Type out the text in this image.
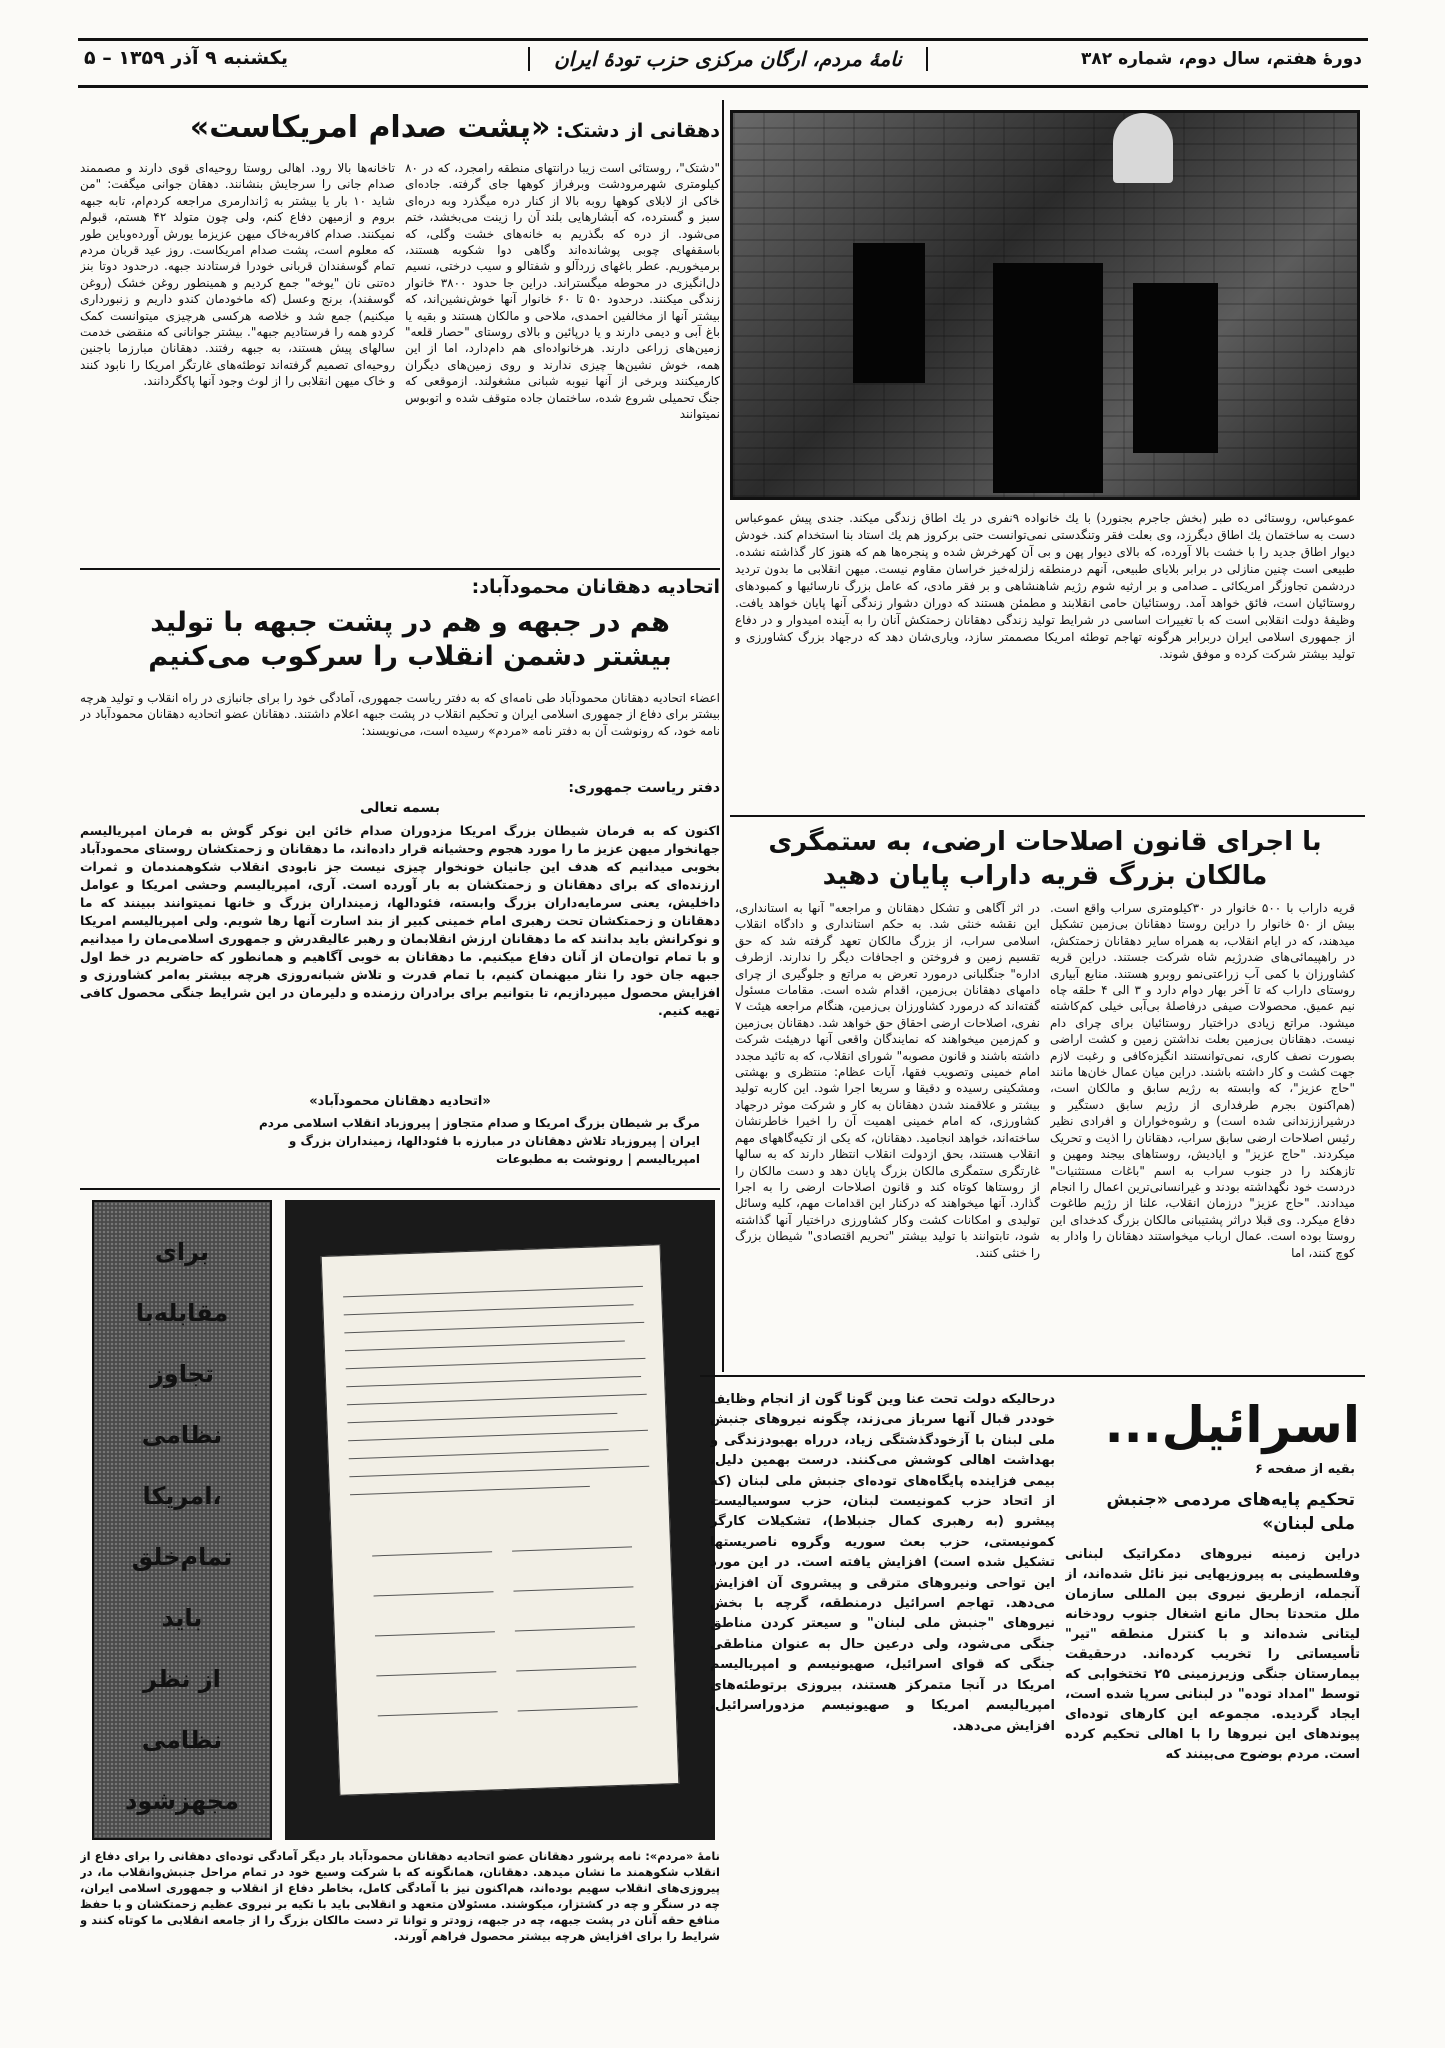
دورهٔ هفتم، سال دوم، شماره ۳۸۲
نامهٔ مردم، ارگان مرکزی حزب تودهٔ ایران
یکشنبه ۹ آذر ۱۳۵۹ – ۵
عموعباس، روستائی ده طبر (بخش جاجرم بجنورد) با یك خانواده ۹نفری در یك اطاق زندگی میکند. جندی پیش عموعباس دست به ساختمان یك اطاق دیگرزد، وی بعلت فقر وتنگدستی نمی‌توانست حتی برکروز هم یك استاد بنا استخدام کند. خودش دیوار اطاق جدید را با خشت بالا آورده، که بالای دیوار پهن و بی آن کهرخرش شده و پنجره‌ها هم که هنوز کار گذاشته نشده. طبیعی است چنین منازلی در برابر بلایای طبیعی، آنهم درمنطقه زلزله‌خیز خراسان مقاوم نیست. میهن انقلابی ما بدون تردید دردشمن تجاوزگر امریکائی ـ صدامی و بر ارثیه شوم رژیم شاهنشاهی و بر فقر مادی، که عامل بزرگ نارسائیها و کمبودهای روستائیان است، فائق خواهد آمد. روستائیان حامی انقلابند و مطمئن هستند که دوران دشوار زندگی آنها پایان خواهد یافت. وظیفهٔ دولت انقلابی است که با تغییرات اساسی در شرایط تولید زندگی دهقانان زحمتکش آنان را به آینده امیدوار و در دفاع از جمهوری اسلامی ایران دربرابر هرگونه تهاجم توطئه امریکا مصممتر سازد، ویاری‌شان دهد که درجهاد بزرگ کشاورزی و تولید بیشتر شرکت کرده و موفق شوند.
دهقانی از دشتک: «پشت صدام امریکاست»
"دشتک"، روستائی است زیبا درانتهای منطقه رامجرد، که در ۸۰ کیلومتری شهرمرودشت وبرفراز کوهها جای گرفته. جاده‌ای خاکی از لابلای کوهها روبه بالا از کنار دره میگذرد وبه دره‌ای سبز و گسترده، که آبشارهایی بلند آن را زینت می‌بخشد، ختم می‌شود. از دره که بگذریم به خانه‌های خشت وگلی، که باسقفهای چوبی پوشانده‌اند وگاهی دوا شکوبه هستند، برمیخوریم. عطر باغهای زردآلو و شفتالو و سیب درختی، نسیم دل‌انگیزی در محوطه میگستراند. دراین جا حدود ۳۸۰۰ خانوار زندگی میکنند. درحدود ۵۰ تا ۶۰ خانوار آنها خوش‌نشین‌اند، که بیشتر آنها از مخالفین احمدی، ملاحی و مالکان هستند و بقیه یا باغ آبی و دیمی دارند و یا درپائین و بالای روستای "حصار قلعه" زمین‌های زراعی دارند. هرخانواده‌ای هم دام‌دارد، اما از این همه، خوش نشین‌ها چیزی ندارند و روی زمین‌های دیگران کارمیکنند وبرخی از آنها نیوبه شبانی مشغولند. ازموقعی که جنگ تحمیلی شروع شده، ساختمان جاده متوقف شده و اتوبوس نمیتوانند
تاخانه‌ها بالا رود. اهالی روستا روحیه‌ای قوی دارند و مصممند صدام جانی را سرجایش بنشانند. دهقان جوانی میگفت: "من شاید ۱۰ بار یا بیشتر به ژاندارمری مراجعه کردم‌ام، تابه جبهه بروم و ازمیهن دفاع کنم، ولی چون متولد ۴۲ هستم، قبولم نمیکنند. صدام کافربه‌خاک میهن عزیزما یورش آورده‌وباین طور که معلوم است، پشت صدام امریکاست. روز عید قربان مردم تمام گوسفندان قربانی خودرا فرستادند جبهه. درحدود دوتا بنز ده‌تنی نان "یوخه" جمع کردیم و همینطور روغن خشک (روغن گوسفند)، برنج وعسل (که ماخودمان کندو داریم و زنبورداری میکنیم) جمع شد و خلاصه هرکسی هرچیزی میتوانست کمک کردو همه را فرستادیم جبهه". بیشتر جوانانی که منقضی خدمت سالهای پیش هستند، به جبهه رفتند. دهقانان مبارزما باجنین روحیه‌ای تصمیم گرفته‌اند توطئه‌های غارتگر امریکا را نابود کنند و خاک میهن انقلابی را از لوث وجود آنها پاکگردانند.
اتحادیه دهقانان محمودآباد:
هم در جبهه و هم در پشت جبهه با تولید بیشتر دشمن انقلاب را سرکوب می‌کنیم
اعضاء اتحادیه دهقانان محمودآباد طی نامه‌ای که به دفتر ریاست جمهوری، آمادگی خود را برای جانبازی در راه انقلاب و تولید هرچه بیشتر برای دفاع از جمهوری اسلامی ایران و تحکیم انقلاب در پشت جبهه اعلام داشتند. دهقانان عضو اتحادیه دهقانان محمودآباد در نامه خود، که رونوشت آن به دفتر نامه «مردم» رسیده است، می‌نویسند:
دفتر ریاست جمهوری:
بسمه تعالی
اکنون که به فرمان شیطان بزرگ امریکا مزدوران صدام خائن این نوکر گوش به فرمان امپریالیسم جهانخوار میهن عزیز ما را مورد هجوم وحشیانه قرار داده‌اند، ما دهقانان و زحمتکشان روستای محمودآباد بخوبی میدانیم که هدف این جانیان خونخوار چیزی نیست جز نابودی انقلاب شکوهمندمان و ثمرات ارزنده‌ای که برای دهقانان و زحمتکشان به بار آورده است. آری، امپریالیسم وحشی امریکا و عوامل داخلیش، یعنی سرمایه‌داران بزرگ وابسته، فئودالها، زمینداران بزرگ و خانها نمیتوانند ببینند که ما دهقانان و زحمتکشان تحت رهبری امام خمینی کبیر از بند اسارت آنها رها شویم. ولی امپریالیسم امریکا و نوکرانش باید بدانند که ما دهقانان ارزش انقلابمان و رهبر عالیقدرش و جمهوری اسلامی‌مان را میدانیم و با تمام توان‌مان از آنان دفاع میکنیم. ما دهقانان به خوبی آگاهیم و همانطور که حاضریم در خط اول جبهه جان خود را نثار میهنمان کنیم، با تمام قدرت و تلاش شبانه‌روزی هرچه بیشتر به‌امر کشاورزی و افزایش محصول میپردازیم، تا بتوانیم برای برادران رزمنده و دلیرمان در این شرایط جنگی محصول کافی تهیه کنیم.
«اتحادیه دهقانان محمودآباد»
مرگ بر شیطان بزرگ امریکا و صدام متجاوز | پیروزباد انقلاب اسلامی مردم ایران | پیروزباد تلاش دهقانان در مبارزه با فئودالها، زمینداران بزرگ و امپریالیسم | رونوشت به مطبوعات
برای
مقابله‌با
تجاوز
نظامی
امریکا،
تمام‌خلق
باید
از نظر
نظامی
مجهزشود
نامهٔ «مردم»: نامه پرشور دهقانان عضو اتحادیه دهقانان محمودآباد بار دیگر آمادگی توده‌ای دهقانی را برای دفاع از انقلاب شکوهمند ما نشان میدهد. دهقانان، همانگونه که با شرکت وسیع خود در تمام مراحل جنبش‌وانقلاب ما، در پیروزی‌های انقلاب سهیم بوده‌اند، هم‌اکنون نیز با آمادگی کامل، بخاطر دفاع از انقلاب و جمهوری اسلامی ایران، چه در سنگر و چه در کشتزار، میکوشند. مسئولان متعهد و انقلابی باید با تکیه بر نیروی عظیم زحمتکشان و با حفظ منافع حقه آنان در پشت جبهه، چه در جبهه، زودتر و توانا تر دست مالکان بزرگ را از جامعه انقلابی ما کوتاه کنند و شرایط را برای افزایش هرچه بیشتر محصول فراهم آورند.
با اجرای قانون اصلاحات ارضی، به ستمگری مالکان بزرگ قریه داراب پایان دهید
قریه داراب با ۵۰۰ خانوار در ۳۰کیلومتری سراب واقع است. بیش از ۵۰ خانوار را دراین روستا دهقانان بی‌زمین تشکیل میدهند، که در ایام انقلاب، به همراه سایر دهقانان زحمتکش، در راهپیمائی‌های ضدرژیم شاه شرکت جستند. دراین قریه کشاورزان با کمی آب زراعتی‌نمو روبرو هستند. منابع آبیاری روستای داراب که تا آخر بهار دوام دارد و ۳ الی ۴ حلقه چاه نیم عمیق. محصولات صیفی درفاصلهٔ بی‌آبی خیلی کم‌کاشته میشود. مراتع زیادی دراختیار روستائیان برای چرای دام نیست. دهقانان بی‌زمین بعلت نداشتن زمین و کشت اراضی بصورت نصف کاری، نمی‌توانستند انگیزه‌کافی و رغبت لازم جهت کشت و کار داشته باشند. دراین میان عمال خان‌ها مانند "حاج عزیز"، که وابسته به رژیم سابق و مالکان است، (هم‌اکنون بجرم طرفداری از رژیم سابق دستگیر و درشیراززندانی شده است) و رشوه‌خواران و افرادی نظیر رئیس اصلاحات ارضی سابق سراب، دهقانان را اذیت و تحریک میکردند. "حاج عزیز" و ایادیش، روستاهای بیجند ومهین و تازهکند را در جنوب سراب به اسم "باغات مستثنیات" دردست خود نگهداشته بودند و غیرانسانی‌ترین اعمال را انجام میدادند. "حاج عزیز" درزمان انقلاب، علنا از رژیم طاغوت دفاع میکرد. وی قبلا دراثر پشتیبانی مالکان بزرگ کدخدای این روستا بوده است. عمال ارباب میخواستند دهقانان را وادار به کوچ کنند، اما
در اثر آگاهی و تشکل دهقانان و مراجعه" آنها به استانداری، این نقشه خنثی شد. به حکم استانداری و دادگاه انقلاب اسلامی سراب، از بزرگ مالکان تعهد گرفته شد که حق تقسیم زمین و فروختن و اجحافات دیگر را ندارند. ازطرف اداره" جنگلبانی درمورد تعرض به مراتع و جلوگیری از چرای دامهای دهقانان بی‌زمین، اقدام شده است. مقامات مسئول گفته‌اند که درمورد کشاورزان بی‌زمین، هنگام مراجعه هیئت ۷ نفری، اصلاحات ارضی احقاق حق خواهد شد. دهقانان بی‌زمین و کم‌زمین میخواهند که نمایندگان واقعی آنها درهیئت شرکت داشته باشند و قانون مصوبه" شورای انقلاب، که به تائید مجدد امام خمینی وتصویب فقها، آیات عظام: منتظری و بهشتی ومشکینی رسیده و دقیقا و سریعا اجرا شود. این کاربه تولید بیشتر و علاقمند شدن دهقانان به کار و شرکت موثر درجهاد کشاورزی، که امام خمینی اهمیت آن را اخیرا خاطرنشان ساخته‌اند، خواهد انجامید. دهقانان، که یکی از تکیه‌گاههای مهم انقلاب هستند، بحق ازدولت انقلاب انتظار دارند که به سالها غارتگری ستمگری مالکان بزرگ پایان دهد و دست مالکان را از روستاها کوتاه کند و قانون اصلاحات ارضی را به اجرا گذارد. آنها میخواهند که درکنار این اقدامات مهم، کلیه وسائل تولیدی و امکانات کشت وکار کشاورزی دراختیار آنها گذاشته شود، تابتوانند با تولید بیشتر "تحریم اقتصادی" شیطان بزرگ را خنثی کنند.
اسرائیل...
بقیه از صفحه ۶
تحکیم پایه‌های مردمی «جنبش ملی لبنان»
دراین زمینه نیروهای دمکراتیک لبنانی وفلسطینی به پیروزیهایی نیز نائل شده‌اند، از آنجمله، ازطریق نیروی بین المللی سازمان ملل متحدتا بحال مانع اشغال جنوب رودخانه لیتانی شده‌اند و با کنترل منطقه "تیر" تأسیساتی را تخریب کرده‌اند. درحقیقت بیمارستان جنگی وزیرزمینی ۲۵ تختخوابی که توسط "امداد توده" در لبنانی سرپا شده است، ایجاد گردیده. مجموعه این کارهای توده‌ای پیوندهای این نیروها را با اهالی تحکیم کرده است. مردم بوضوح می‌بینند که
درحالیکه دولت تحت عنا وین گونا گون از انجام وظایف خوددر قبال آنها سرباز می‌زند، چگونه نیروهای جنبش ملی لبنان با آزخودگذشتگی زیاد، درراه بهبودزندگی و بهداشت اهالی کوشش می‌کنند. درست بهمین دلیل، بیمی فزاینده پایگاه‌های توده‌ای جنبش ملی لبنان (که از اتحاد حزب کمونیست لبنان، حزب سوسیالیست پیشرو (به رهبری کمال جنبلاط)، تشکیلات کارگر کمونیستی، حزب بعث سوریه وگروه ناصریستها تشکیل شده است) افزایش یافته است. در این مورد این تواحی ونیروهای مترقی و پیشروی آن افزایش می‌دهد. تهاجم اسرائیل درمنطقه، گرچه با بخش نیروهای "جنبش ملی لبنان" و سیعتر کردن مناطق جنگی می‌شود، ولی درعین حال به عنوان مناطقی جنگی که قوای اسرائیل، صهیونیسم و امپریالیسم امریکا در آنجا متمرکز هستند، بیروزی برتوطئه‌های امپریالیسم امریکا و صهیونیسم مزدوراسرائیل، افزایش می‌دهد.
